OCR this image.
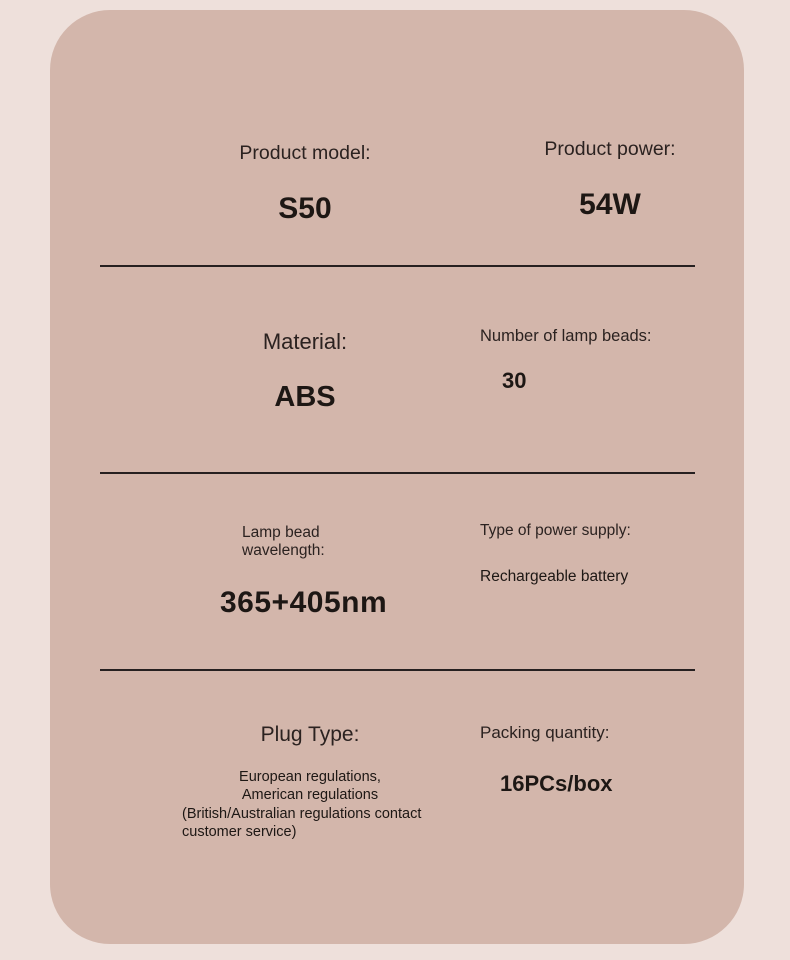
Product model:
S50
Product power:
54W
Material:
ABS
Number of lamp beads:
30
Lamp bead wavelength:
365+405nm
Type of power supply:
Rechargeable battery
Plug Type:
European regulations,
American regulations
(British/Australian regulations contact
customer service)
Packing quantity:
16PCs/box
